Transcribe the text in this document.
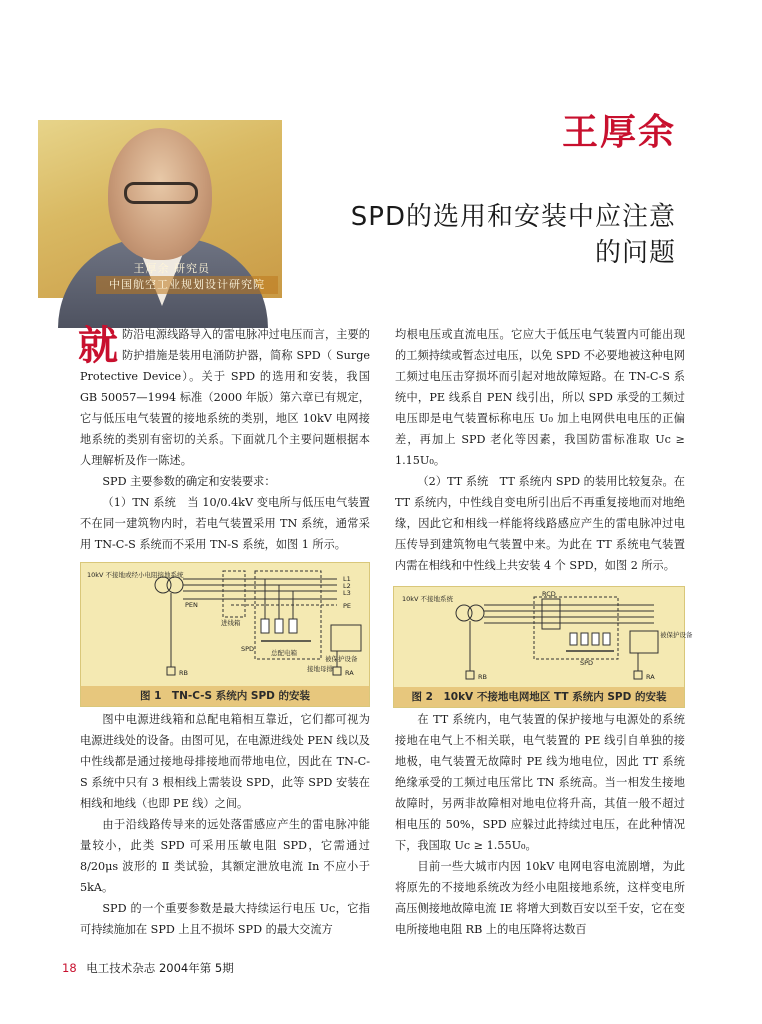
王厚余 研究员
中国航空工业规划设计研究院
王厚余
SPD的选用和安装中应注意
的问题

就防沿电源线路导入的雷电脉冲过电压而言，主要的防护措施是装用电涌防护器，简称 SPD（ Surge Protective Device）。关于 SPD 的选用和安装，我国 GB 50057—1994 标准（2000 年版）第六章已有规定，它与低压电气装置的接地系统的类别，地区 10kV 电网接地系统的类别有密切的关系。下面就几个主要问题根据本人理解析及作一陈述。

SPD 主要参数的确定和安装要求：

（1）TN 系统　当 10/0.4kV 变电所与低压电气装置不在同一建筑物内时，若电气装置采用 TN 系统，通常采用 TN-C-S 系统而不采用 TN-S 系统，如图 1 所示。

均根电压或直流电压。它应大于低压电气装置内可能出现的工频持续或暂态过电压，以免 SPD 不必要地被这种电网工频过电压击穿损坏而引起对地故障短路。在 TN-C-S 系统中，PE 线系自 PEN 线引出，所以 SPD 承受的工频过电压即是电气装置标称电压 U₀ 加上电网供电电压的正偏差，再加上 SPD 老化等因素，我国防雷标准取 Uc ≥ 1.15U₀。

（2）TT 系统　TT 系统内 SPD 的装用比较复杂。在 TT 系统内，中性线自变电所引出后不再重复接地而对地绝缘，因此它和相线一样能将线路感应产生的雷电脉冲过电压传导到建筑物电气装置中来。为此在 TT 系统电气装置内需在相线和中性线上共安装 4 个 SPD，如图 2 所示。

10kV 不接地或经小电阻接地系统
PEN
L1
L2
L3
PE
进线箱
SPD	总配电箱
被保护设备
接地母排
RB	RA
图 1　TN-C-S 系统内 SPD 的安装
10kV 不接地系统
RCD
SPD
被保护设备
RB	RA
图 2　10kV 不接地电网地区 TT 系统内 SPD 的安装

图中电源进线箱和总配电箱相互靠近，它们都可视为电源进线处的设备。由图可见，在电源进线处 PEN 线以及中性线都是通过接地母排接地而带地电位，因此在 TN-C-S 系统中只有 3 根相线上需装设 SPD，此等 SPD 安装在相线和地线（也即 PE 线）之间。

由于沿线路传导来的远处落雷感应产生的雷电脉冲能量较小，此类 SPD 可采用压敏电阻 SPD，它需通过 8/20μs 波形的 Ⅱ 类试验，其额定泄放电流 In 不应小于 5kA。

SPD 的一个重要参数是最大持续运行电压 Uc，它指可持续施加在 SPD 上且不损坏 SPD 的最大交流方

在 TT 系统内，电气装置的保护接地与电源处的系统接地在电气上不相关联，电气装置的 PE 线引自单独的接地极，电气装置无故障时 PE 线为地电位，因此 TT 系统绝缘承受的工频过电压常比 TN 系统高。当一相发生接地故障时，另两非故障相对地电位将升高，其值一般不超过相电压的 50%，SPD 应躲过此持续过电压，在此种情况下，我国取 Uc ≥ 1.55U₀。

目前一些大城市内因 10kV 电网电容电流剧增，为此将原先的不接地系统改为经小电阻接地系统，这样变电所高压侧接地故障电流 IE 将增大到数百安以至千安，它在变电所接地电阻 RB 上的电压降将达数百

18 电工技术杂志 2004年第 5期
